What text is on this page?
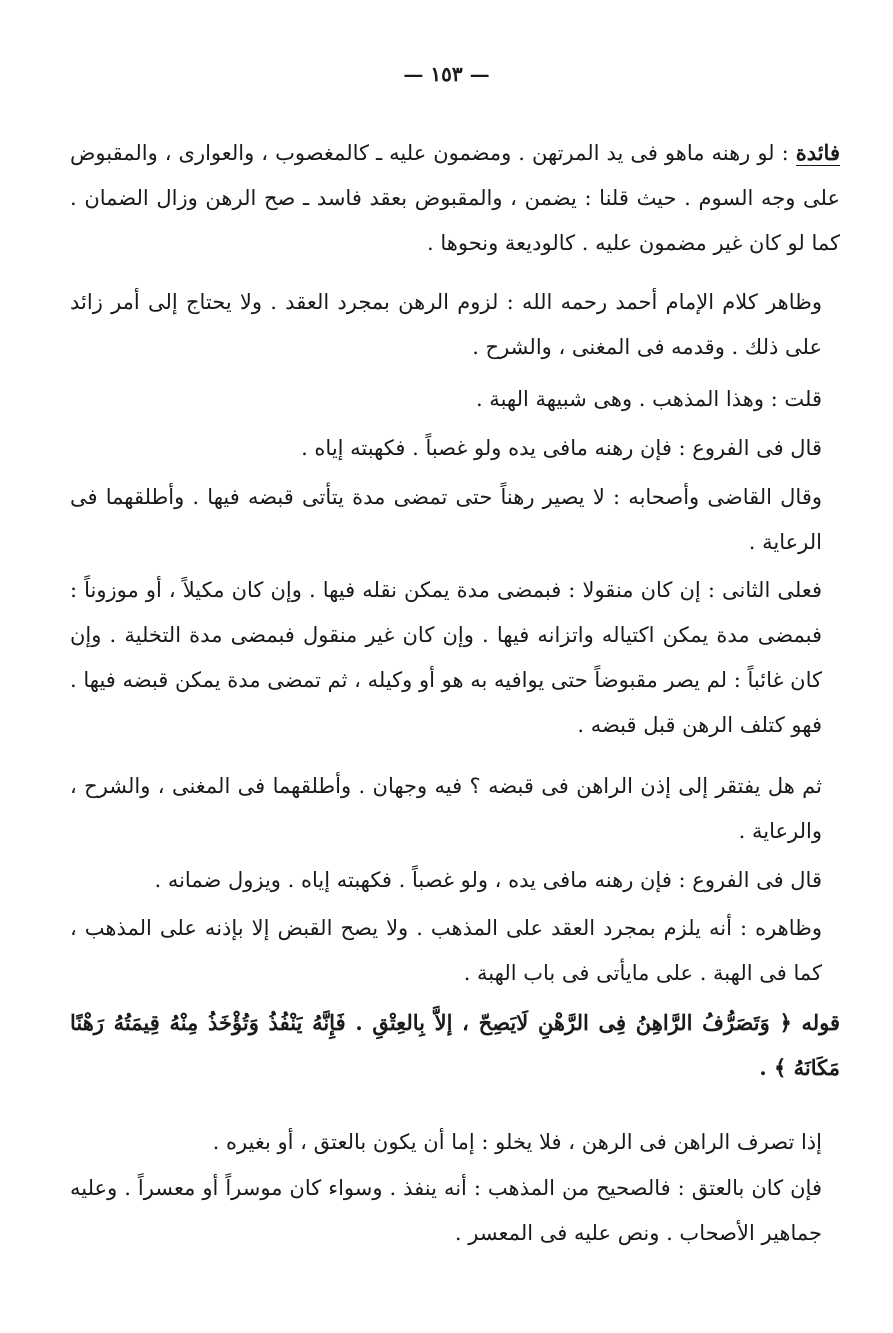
— ١٥٣ —

فائدة : لو رهنه ماهو فى يد المرتهن . ومضمون عليه ـ كالمغصوب ، والعوارى ، والمقبوض على وجه السوم . حيث قلنا : يضمن ، والمقبوض بعقد فاسد ـ صح الرهن وزال الضمان . كما لو كان غير مضمون عليه . كالوديعة ونحوها .

وظاهر كلام الإمام أحمد رحمه الله : لزوم الرهن بمجرد العقد . ولا يحتاج إلى أمر زائد على ذلك . وقدمه فى المغنى ، والشرح .

قلت : وهذا المذهب . وهى شبيهة الهبة .

قال فى الفروع : فإن رهنه مافى يده ولو غصباً . فكهبته إياه .

وقال القاضى وأصحابه : لا يصير رهناً حتى تمضى مدة يتأتى قبضه فيها . وأطلقهما فى الرعاية .

فعلى الثانى : إن كان منقولا : فبمضى مدة يمكن نقله فيها . وإن كان مكيلاً ، أو موزوناً : فبمضى مدة يمكن اكتياله واتزانه فيها . وإن كان غير منقول فبمضى مدة التخلية . وإن كان غائباً : لم يصر مقبوضاً حتى يوافيه به هو أو وكيله ، ثم تمضى مدة يمكن قبضه فيها . فهو كتلف الرهن قبل قبضه .

ثم هل يفتقر إلى إذن الراهن فى قبضه ؟ فيه وجهان . وأطلقهما فى المغنى ، والشرح ، والرعاية .

قال فى الفروع : فإن رهنه مافى يده ، ولو غصباً . فكهبته إياه . ويزول ضمانه .

وظاهره : أنه يلزم بمجرد العقد على المذهب . ولا يصح القبض إلا بإذنه على المذهب ، كما فى الهبة . على مايأتى فى باب الهبة .

قوله ﴿ وَتَصَرُّفُ الرَّاهِنُ فِى الرَّهْنِ لَايَصِحّ ، إلاَّ بِالعِتْقِ . فَإِنَّهُ يَنْفُذُ وَتُؤْخَذُ مِنْهُ قِيمَتُهُ رَهْنًا مَكَانَهُ ﴾ .

إذا تصرف الراهن فى الرهن ، فلا يخلو : إما أن يكون بالعتق ، أو بغيره .

فإن كان بالعتق : فالصحيح من المذهب : أنه ينفذ . وسواء كان موسراً أو معسراً . وعليه جماهير الأصحاب . ونص عليه فى المعسر .
